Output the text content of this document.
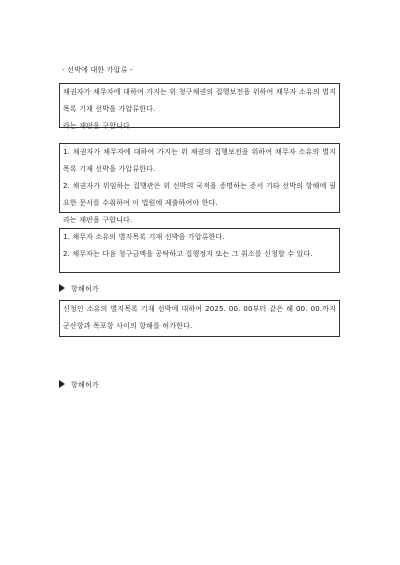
- 선박에 대한 가압류 -

채권자가 채무자에 대하여 가지는 위 청구채권의 집행보전을 위하여 채무자 소유의 별지목록 기재 선박을 가압류한다.

라는 재판을 구합니다.

1. 채권자가 채무자에 대하여 가지는 위 채권의 집행보전을 위하여 채무자 소유의 별지목록 기재 선박을 가압류한다.

2. 채권자가 위임하는 집행관은 위 선박의 국적을 증명하는 증서 기타 선박의 항해에 필요한 문서를 수취하여 이 법원에 제출하여야 한다.

라는 재판을 구합니다.

1. 채무자 소유의 별지목록 기재 선박을 가압류한다.

2. 채무자는 다음 청구금액을 공탁하고 집행정지 또는 그 취소를 신청할 수 있다.

항해허가

신청인 소유의 별지목록 기재 선박에 대하여 2025. 00. 00부터 같은 해 00. 00.까지 군산항과 목포항 사이의 항해를 허가한다.

항해허가
